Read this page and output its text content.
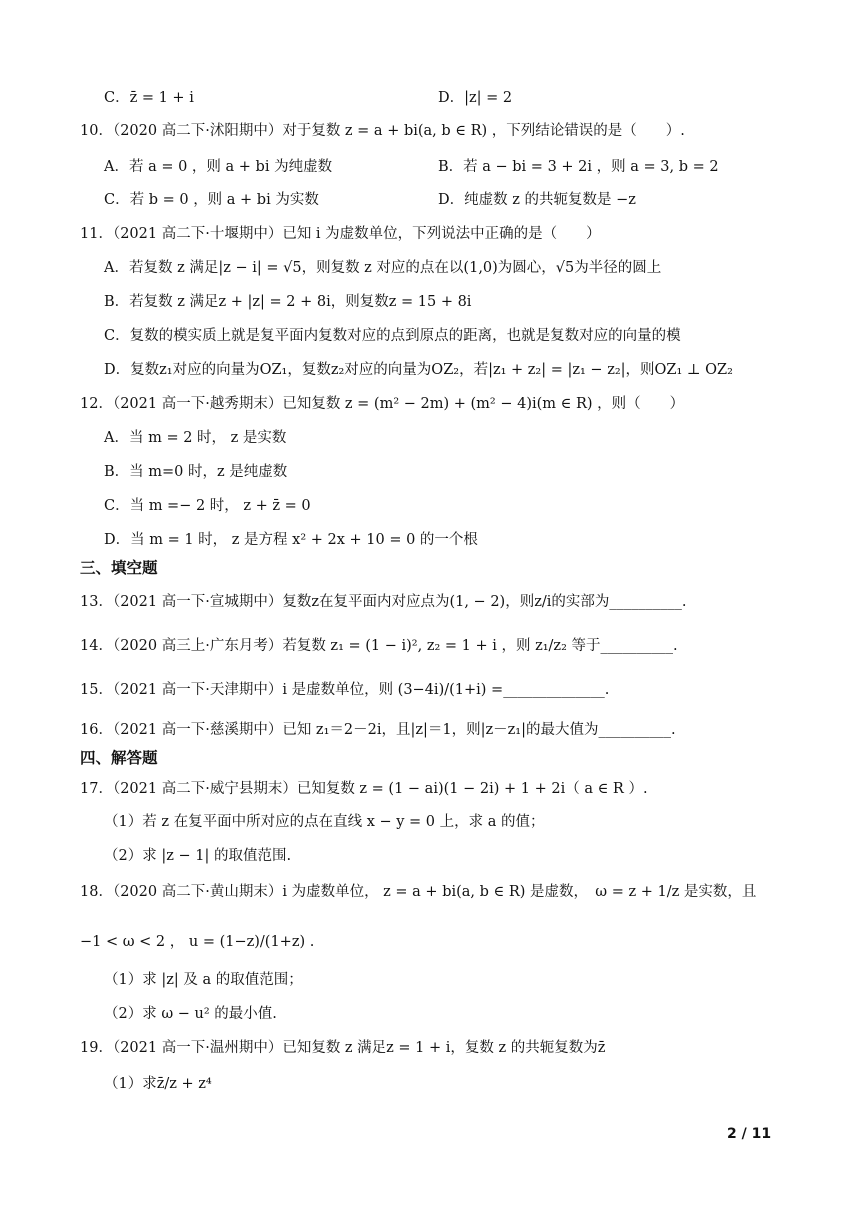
C．z̄ = 1 + i	D．|z| = 2
10．（2020 高二下·沭阳期中）对于复数 z = a + bi(a, b ∈ R) ，下列结论错误的是（　　）.
A．若 a = 0 ，则 a + bi 为纯虚数	B．若 a − bi = 3 + 2i ，则 a = 3, b = 2
C．若 b = 0 ，则 a + bi 为实数	D．纯虚数 z 的共轭复数是 −z
11．（2021 高二下·十堰期中）已知 i 为虚数单位，下列说法中正确的是（　　）
A．若复数 z 满足|z − i| = √5，则复数 z 对应的点在以(1,0)为圆心，√5为半径的圆上
B．若复数 z 满足z + |z| = 2 + 8i，则复数z = 15 + 8i
C．复数的模实质上就是复平面内复数对应的点到原点的距离，也就是复数对应的向量的模
D．复数z₁对应的向量为OZ₁，复数z₂对应的向量为OZ₂，若|z₁ + z₂| = |z₁ − z₂|，则OZ₁ ⊥ OZ₂
12．（2021 高一下·越秀期末）已知复数 z = (m² − 2m) + (m² − 4)i(m ∈ R) ，则（　　）
A．当 m = 2 时， z 是实数
B．当 m=0 时，z 是纯虚数
C．当 m =− 2 时， z + z̄ = 0
D．当 m = 1 时， z 是方程 x² + 2x + 10 = 0 的一个根
三、填空题
13．（2021 高一下·宣城期中）复数z在复平面内对应点为(1, − 2)，则z/i的实部为__________.
14．（2020 高三上·广东月考）若复数 z₁ = (1 − i)², z₂ = 1 + i ，则 z₁/z₂ 等于__________.
15．（2021 高一下·天津期中）i 是虚数单位，则 (3−4i)/(1+i) =______________.
16．（2021 高一下·慈溪期中）已知 z₁＝2－2i，且|z|＝1，则|z－z₁|的最大值为__________.
四、解答题
17．（2021 高二下·威宁县期末）已知复数 z = (1 − ai)(1 − 2i) + 1 + 2i（ a ∈ R ）.
（1）若 z 在复平面中所对应的点在直线 x − y = 0 上，求 a 的值；
（2）求 |z − 1| 的取值范围.
18．（2020 高二下·黄山期末）i 为虚数单位， z = a + bi(a, b ∈ R) 是虚数，　ω = z + 1/z 是实数，且
−1 < ω < 2 ， u = (1−z)/(1+z) .
（1）求 |z| 及 a 的取值范围；
（2）求 ω − u² 的最小值.
19．（2021 高一下·温州期中）已知复数 z 满足z = 1 + i，复数 z 的共轭复数为z̄
（1）求z̄/z + z⁴
2 / 11
